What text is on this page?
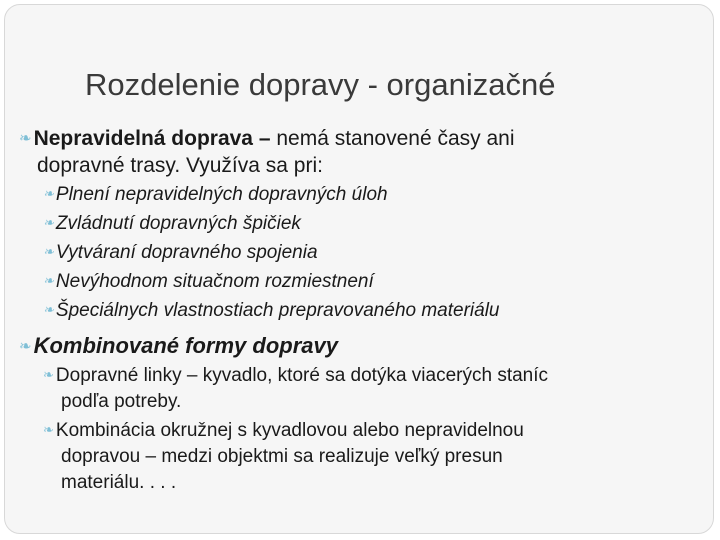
Rozdelenie dopravy - organizačné
❧Nepravidelná doprava – nemá stanovené časy ani
dopravné trasy. Využíva sa pri:
❧ Plnení nepravidelných dopravných úloh
❧ Zvládnutí dopravných špičiek
❧ Vytváraní dopravného spojenia
❧ Nevýhodnom situačnom rozmiestnení
❧ Špeciálnych vlastnostiach prepravovaného materiálu
❧Kombinované formy dopravy
❧ Dopravné linky – kyvadlo, ktoré sa dotýka viacerých staníc
podľa potreby.
❧ Kombinácia okružnej s kyvadlovou alebo nepravidelnou
dopravou – medzi objektmi sa realizuje veľký presun
materiálu. . . .
